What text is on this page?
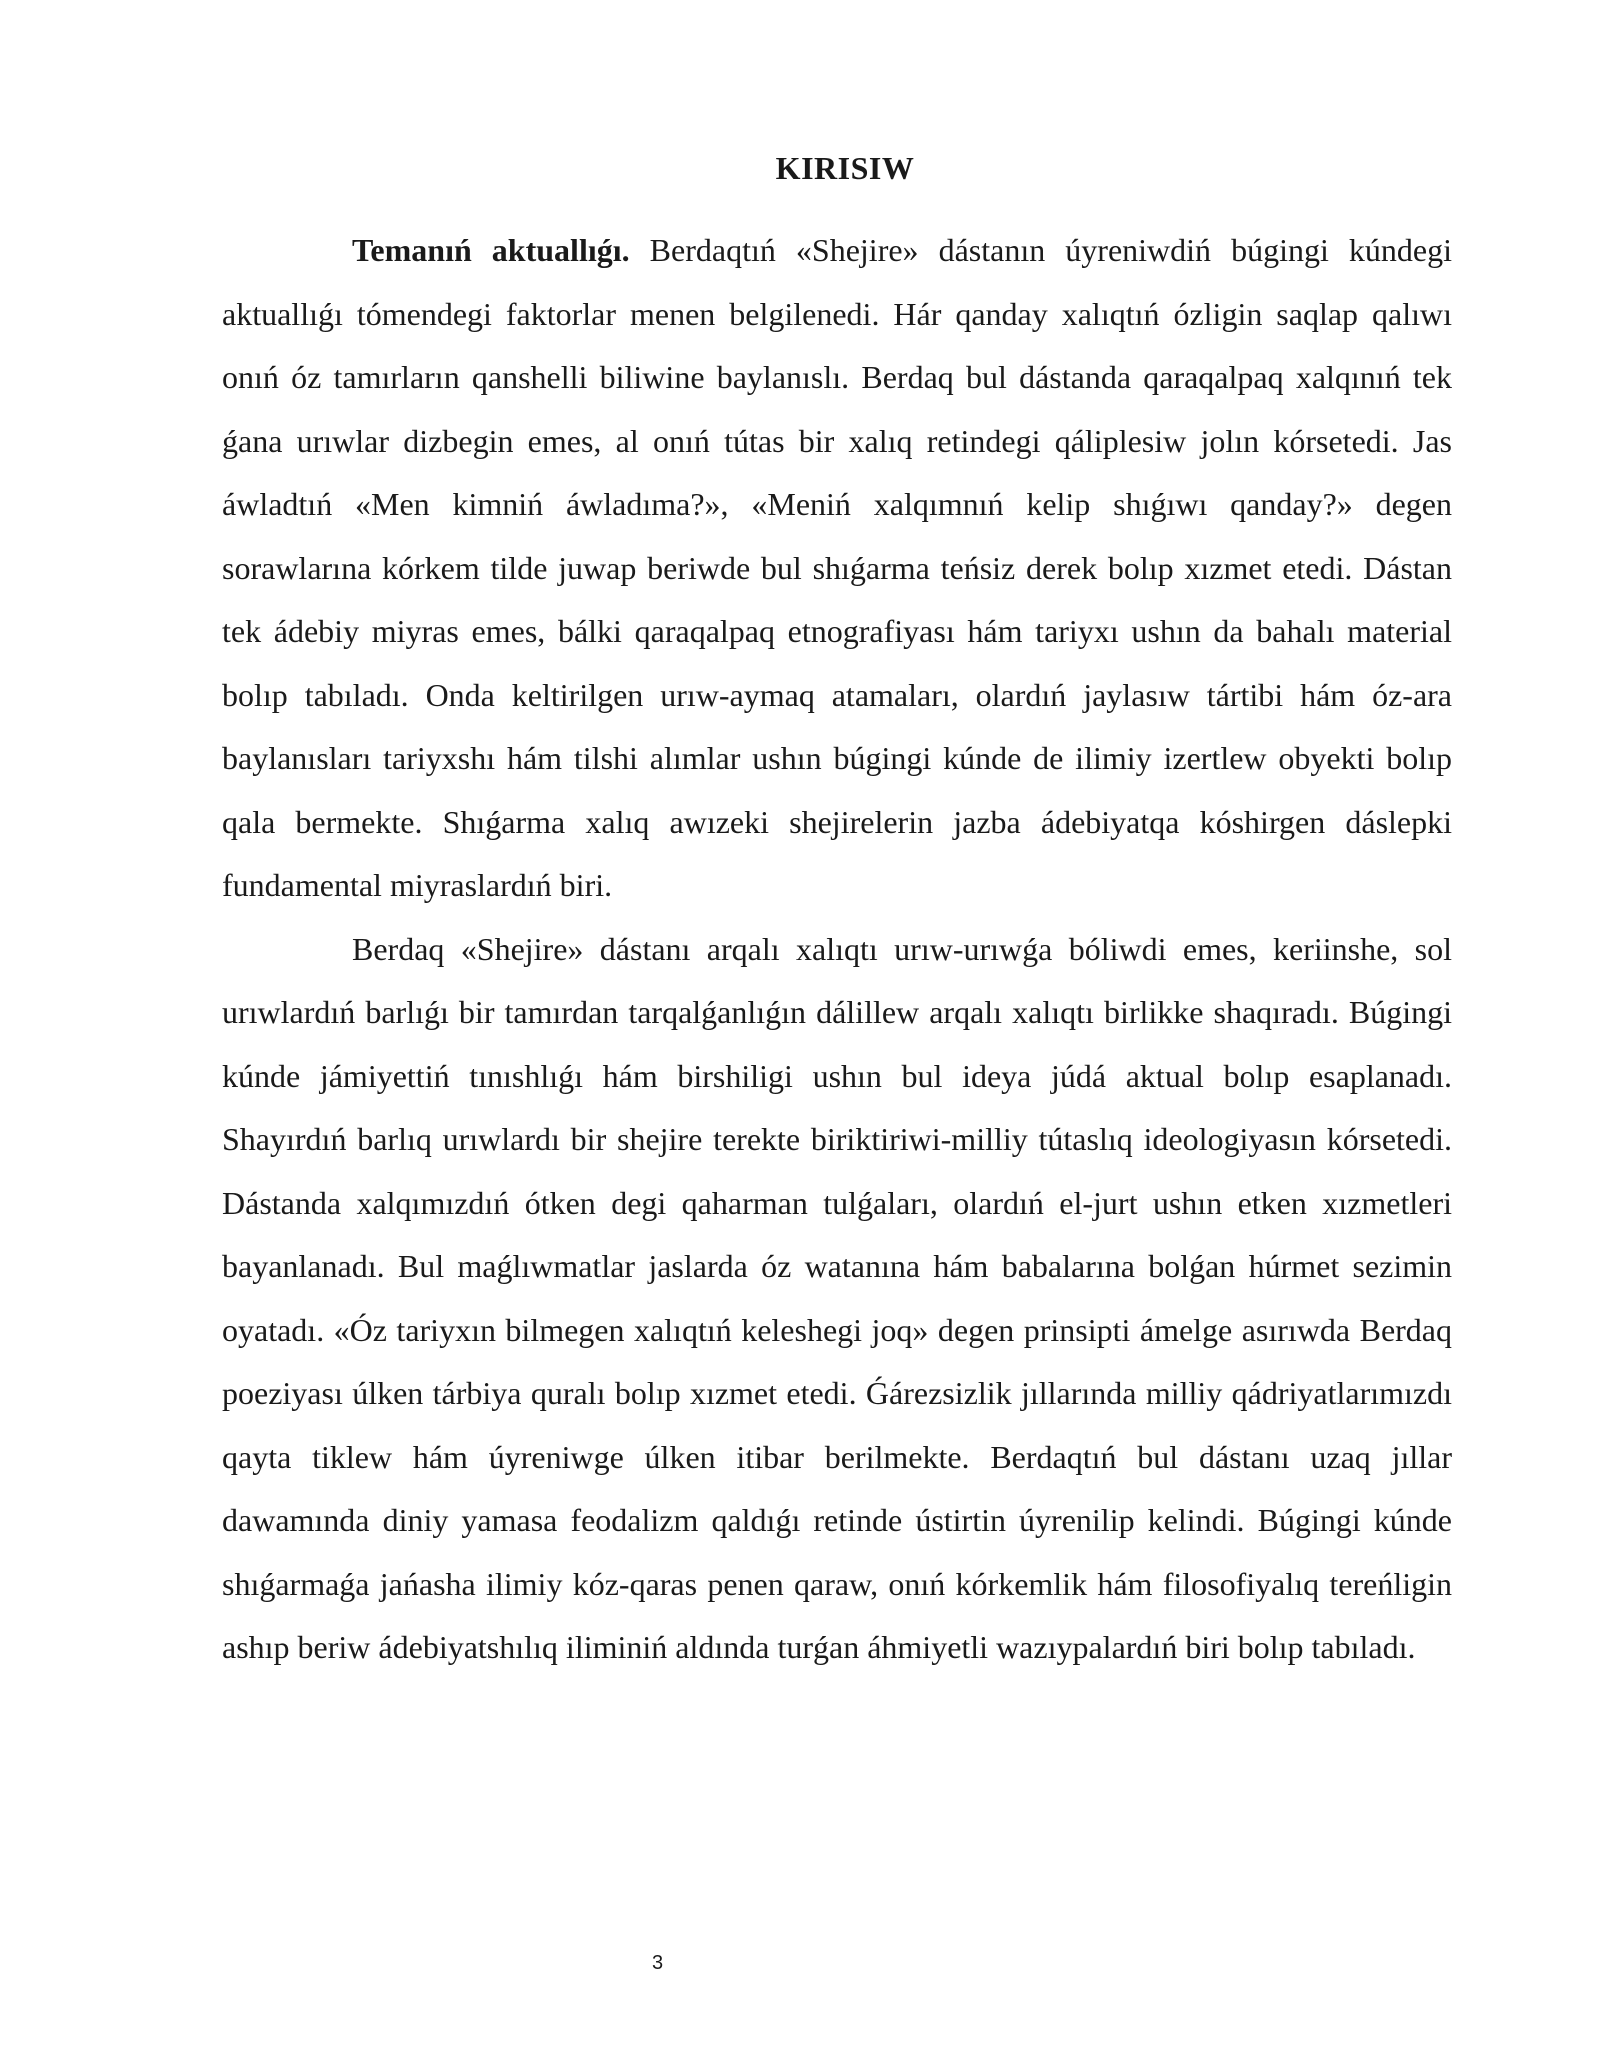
KIRISIW

Temanıń aktuallıǵı. Berdaqtıń «Shejire» dástanın úyreniwdiń búgingi kúndegi aktuallıǵı tómendegi faktorlar menen belgilenedi. Hár qanday xalıqtıń ózligin saqlap qalıwı onıń óz tamırların qanshelli biliwine baylanıslı. Berdaq bul dástanda qaraqalpaq xalqınıń tek ǵana urıwlar dizbegin emes, al onıń tútas bir xalıq retindegi qáliplesiw jolın kórsetedi. Jas áwladtıń «Men kimniń áwladıma?», «Meniń xalqımnıń kelip shıǵıwı qanday?» degen sorawlarına kórkem tilde juwap beriwde bul shıǵarma teńsiz derek bolıp xızmet etedi. Dástan tek ádebiy miyras emes, bálki qaraqalpaq etnografiyası hám tariyxı ushın da bahalı material bolıp tabıladı. Onda keltirilgen urıw-aymaq atamaları, olardıń jaylasıw tártibi hám óz-ara baylanısları tariyxshı hám tilshi alımlar ushın búgingi kúnde de ilimiy izertlew obyekti bolıp qala bermekte. Shıǵarma xalıq awızeki shejirelerin jazba ádebiyatqa kóshirgen dáslepki fundamental miyraslardıń biri.

Berdaq «Shejire» dástanı arqalı xalıqtı urıw-urıwǵa bóliwdi emes, keriinshe, sol urıwlardıń barlıǵı bir tamırdan tarqalǵanlıǵın dálillew arqalı xalıqtı birlikke shaqıradı. Búgingi kúnde jámiyettiń tınıshlıǵı hám birshiligi ushın bul ideya júdá aktual bolıp esaplanadı. Shayırdıń barlıq urıwlardı bir shejire terekte biriktiriwi-milliy tútaslıq ideologiyasın kórsetedi. Dástanda xalqımızdıń ótken degi qaharman tulǵaları, olardıń el-jurt ushın etken xızmetleri bayanlanadı. Bul maǵlıwmatlar jaslarda óz watanına hám babalarına bolǵan húrmet sezimin oyatadı. «Óz tariyxın bilmegen xalıqtıń keleshegi joq» degen prinsipti ámelge asırıwda Berdaq poeziyası úlken tárbiya quralı bolıp xızmet etedi. Ǵárezsizlik jıllarında milliy qádriyatlarımızdı qayta tiklew hám úyreniwge úlken itibar berilmekte. Berdaqtıń bul dástanı uzaq jıllar dawamında diniy yamasa feodalizm qaldıǵı retinde ústirtin úyrenilip kelindi. Búgingi kúnde shıǵarmaǵa jańasha ilimiy kóz-qaras penen qaraw, onıń kórkemlik hám filosofiyalıq tereńligin ashıp beriw ádebiyatshılıq iliminiń aldında turǵan áhmiyetli wazıypalardıń biri bolıp tabıladı.

3
